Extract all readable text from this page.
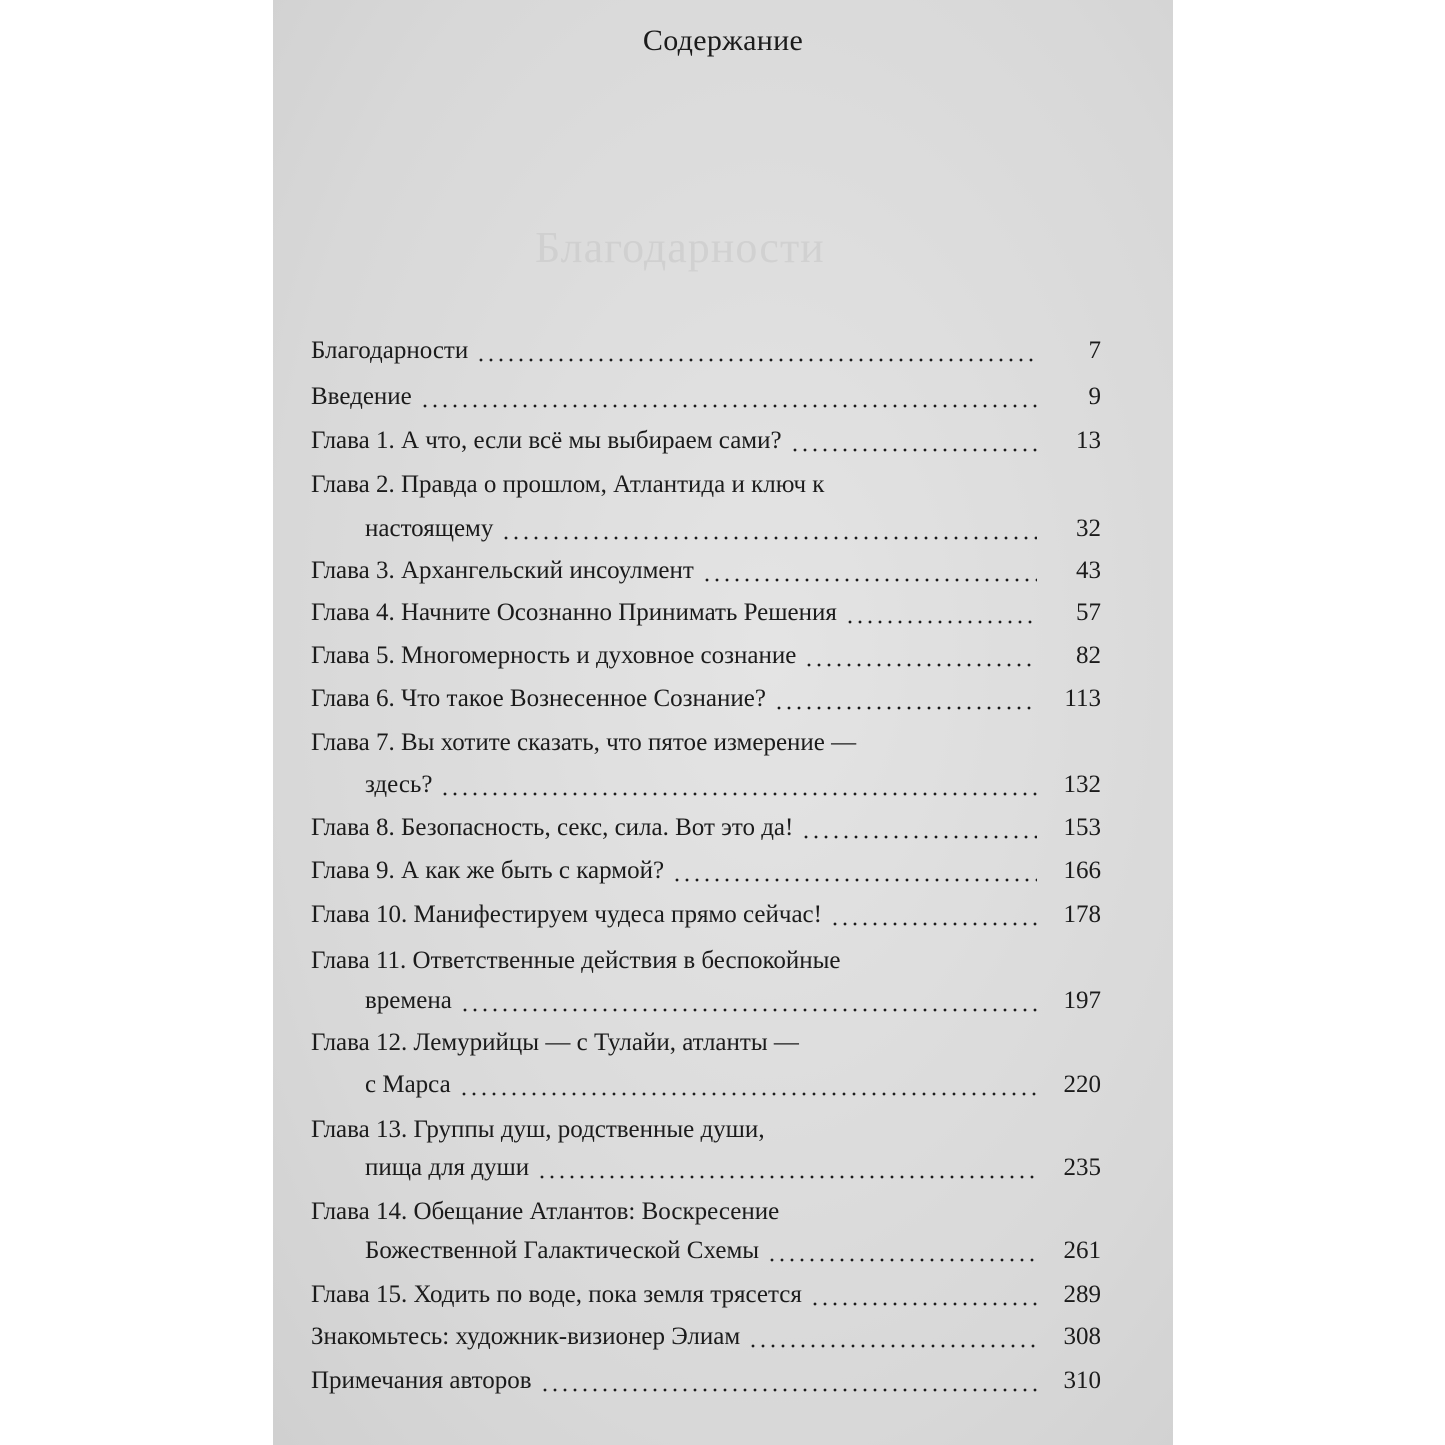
Благодарности
Содержание
Благодарности	7
Введение	9
Глава 1. А что, если всё мы выбираем сами?	13
Глава 2. Правда о прошлом, Атлантида и ключ к
настоящему	32
Глава 3. Архангельский инсоулмент	43
Глава 4. Начните Осознанно Принимать Решения	57
Глава 5. Многомерность и духовное сознание	82
Глава 6. Что такое Вознесенное Сознание?	113
Глава 7. Вы хотите сказать, что пятое измерение —
здесь?	132
Глава 8. Безопасность, секс, сила. Вот это да!	153
Глава 9. А как же быть с кармой?	166
Глава 10. Манифестируем чудеса прямо сейчас!	178
Глава 11. Ответственные действия в беспокойные
времена	197
Глава 12. Лемурийцы — с Тулайи, атланты —
с Марса	220
Глава 13. Группы душ, родственные души,
пища для души	235
Глава 14. Обещание Атлантов: Воскресение
Божественной Галактической Схемы	261
Глава 15. Ходить по воде, пока земля трясется	289
Знакомьтесь: художник-визионер Элиам	308
Примечания авторов	310
